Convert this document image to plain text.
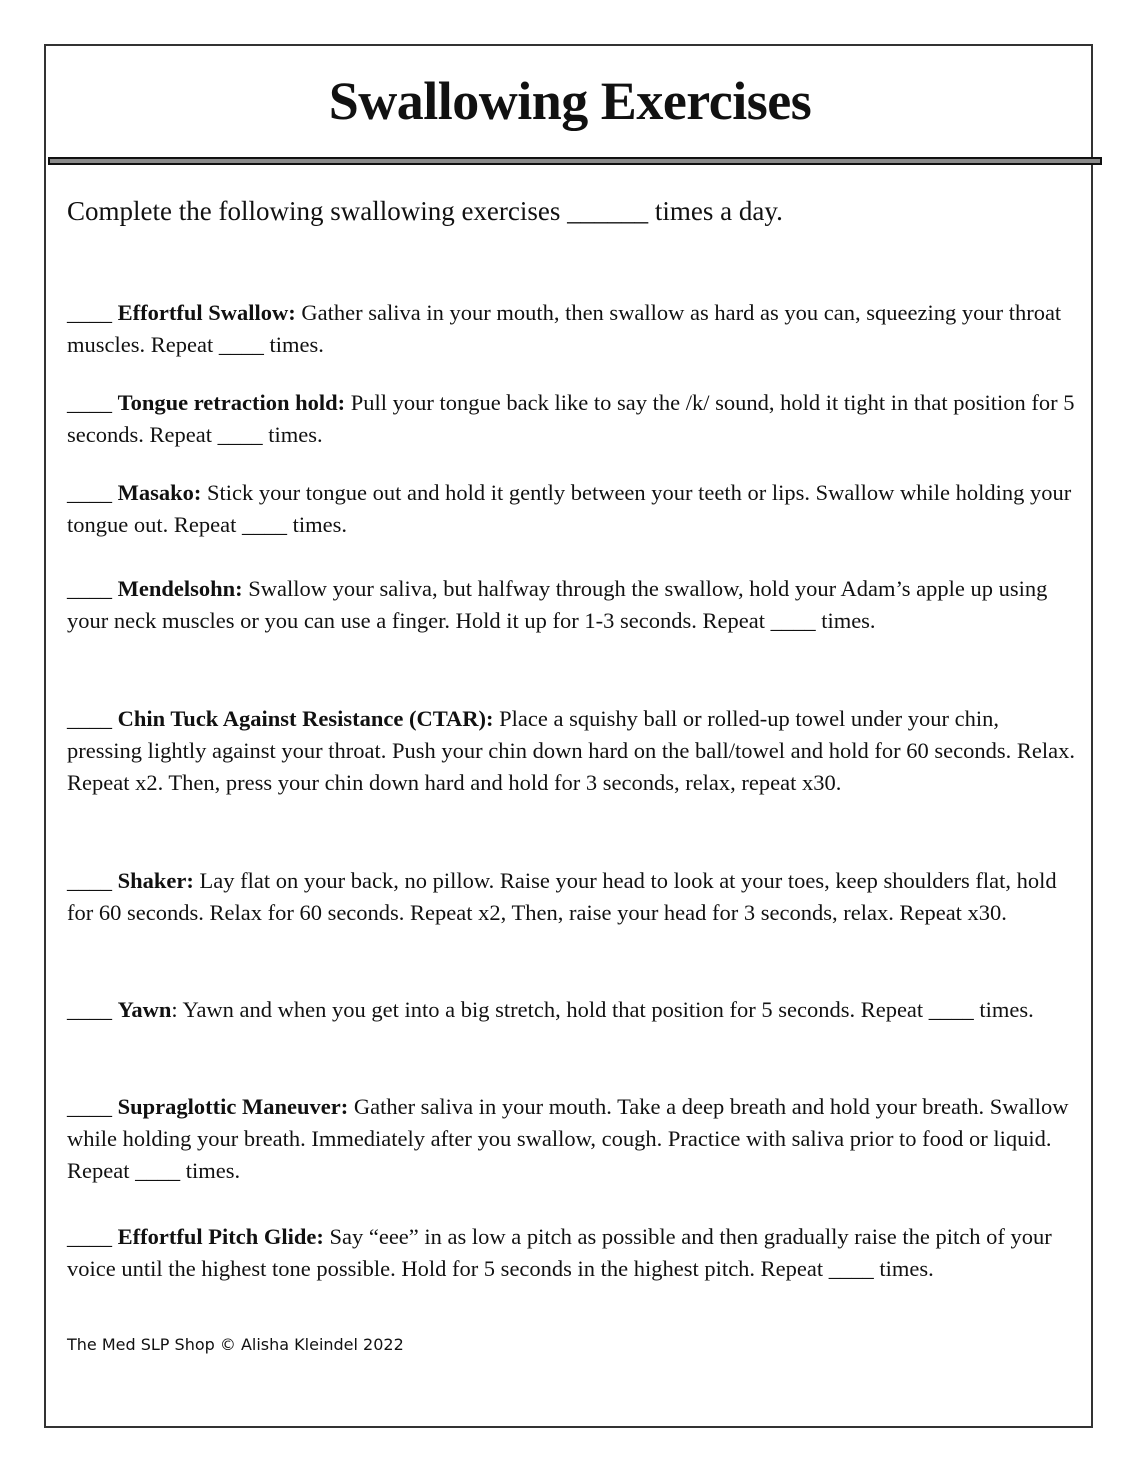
Swallowing Exercises
Complete the following swallowing exercises ______ times a day.
____ Effortful Swallow: Gather saliva in your mouth, then swallow as hard as you can, squeezing your throat muscles. Repeat ____ times.
____ Tongue retraction hold: Pull your tongue back like to say the /k/ sound, hold it tight in that position for 5 seconds. Repeat ____ times.
____ Masako: Stick your tongue out and hold it gently between your teeth or lips. Swallow while holding your tongue out. Repeat ____ times.
____ Mendelsohn: Swallow your saliva, but halfway through the swallow, hold your Adam’s apple up using your neck muscles or you can use a finger. Hold it up for 1-3 seconds. Repeat ____ times.
____ Chin Tuck Against Resistance (CTAR): Place a squishy ball or rolled-up towel under your chin, pressing lightly against your throat. Push your chin down hard on the ball/towel and hold for 60 seconds. Relax. Repeat x2. Then, press your chin down hard and hold for 3 seconds, relax, repeat x30.
____ Shaker: Lay flat on your back, no pillow. Raise your head to look at your toes, keep shoulders flat, hold for 60 seconds. Relax for 60 seconds. Repeat x2, Then, raise your head for 3 seconds, relax. Repeat x30.
____ Yawn: Yawn and when you get into a big stretch, hold that position for 5 seconds. Repeat ____ times.
____ Supraglottic Maneuver: Gather saliva in your mouth. Take a deep breath and hold your breath. Swallow while holding your breath. Immediately after you swallow, cough. Practice with saliva prior to food or liquid. Repeat ____ times.
____ Effortful Pitch Glide: Say “eee” in as low a pitch as possible and then gradually raise the pitch of your voice until the highest tone possible. Hold for 5 seconds in the highest pitch. Repeat ____ times.
The Med SLP Shop © Alisha Kleindel 2022
